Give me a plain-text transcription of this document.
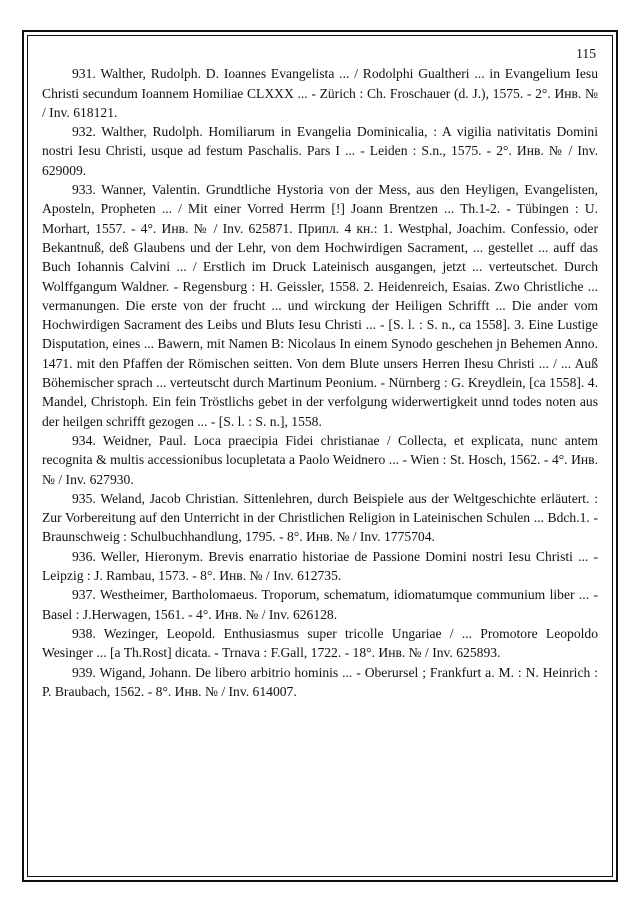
115

931. Walther, Rudolph. D. Ioannes Evangelista ... / Rodolphi Gualtheri ... in Evangelium Iesu Christi secundum Ioannem Homiliae CLXXX ... - Zürich : Ch. Froschauer (d. J.), 1575. - 2°. Инв. № / Inv. 618121.

932. Walther, Rudolph. Homiliarum in Evangelia Dominicalia, : A vigilia nativitatis Domini nostri Iesu Christi, usque ad festum Paschalis. Pars I ... - Leiden : S.n., 1575. - 2°. Инв. № / Inv. 629009.

933. Wanner, Valentin. Grundtliche Hystoria von der Mess, aus den Heyligen, Evangelisten, Aposteln, Propheten ... / Mit einer Vorred Herrm [!] Joann Brentzen ... Th.1-2. - Tübingen : U. Morhart, 1557. - 4°. Инв. № / Inv. 625871. Припл. 4 кн.: 1. Westphal, Joachim. Confessio, oder Bekantnuß, deß Glaubens und der Lehr, von dem Hochwirdigen Sacrament, ... gestellet ... auff das Buch Iohannis Calvini ... / Erstlich im Druck Lateinisch ausgangen, jetzt ... verteutschet. Durch Wolffgangum Waldner. - Regensburg : H. Geissler, 1558. 2. Heidenreich, Esaias. Zwo Christliche ... vermanungen. Die erste von der frucht ... und wirckung der Heiligen Schrifft ... Die ander vom Hochwirdigen Sacrament des Leibs und Bluts Iesu Christi ... - [S. l. : S. n., ca 1558]. 3. Eine Lustige Disputation, eines ... Bawern, mit Namen B: Nicolaus In einem Synodo geschehen jn Behemen Anno. 1471. mit den Pfaffen der Römischen seitten. Von dem Blute unsers Herren Ihesu Christi ... / ... Auß Böhemischer sprach ... verteutscht durch Martinum Peonium. - Nürnberg : G. Kreydlein, [ca 1558]. 4. Mandel, Christoph. Ein fein Tröstlichs gebet in der verfolgung widerwertigkeit unnd todes noten aus der heilgen schrifft gezogen ... - [S. l. : S. n.], 1558.

934. Weidner, Paul. Loca praecipia Fidei christianae / Collecta, et explicata, nunc antem recognita & multis accessionibus locupletata a Paolo Weidnero ... - Wien : St. Hosch, 1562. - 4°. Инв. № / Inv. 627930.

935. Weland, Jacob Christian. Sittenlehren, durch Beispiele aus der Weltgeschichte erläutert. : Zur Vorbereitung auf den Unterricht in der Christlichen Religion in Lateinischen Schulen ... Bdch.1. - Braunschweig : Schulbuchhandlung, 1795. - 8°. Инв. № / Inv. 1775704.

936. Weller, Hieronym. Brevis enarratio historiae de Passione Domini nostri Iesu Christi ... - Leipzig : J. Rambau, 1573. - 8°. Инв. № / Inv. 612735.

937. Westheimer, Bartholomaeus. Troporum, schematum, idiomatumque communium liber ... - Basel : J.Herwagen, 1561. - 4°. Инв. № / Inv. 626128.

938. Wezinger, Leopold. Enthusiasmus super tricolle Ungariae / ... Promotore Leopoldo Wesinger ... [a Th.Rost] dicata. - Trnava : F.Gall, 1722. - 18°. Инв. № / Inv. 625893.

939. Wigand, Johann. De libero arbitrio hominis ... - Oberursel ; Frankfurt a. M. : N. Heinrich : P. Braubach, 1562. - 8°. Инв. № / Inv. 614007.
